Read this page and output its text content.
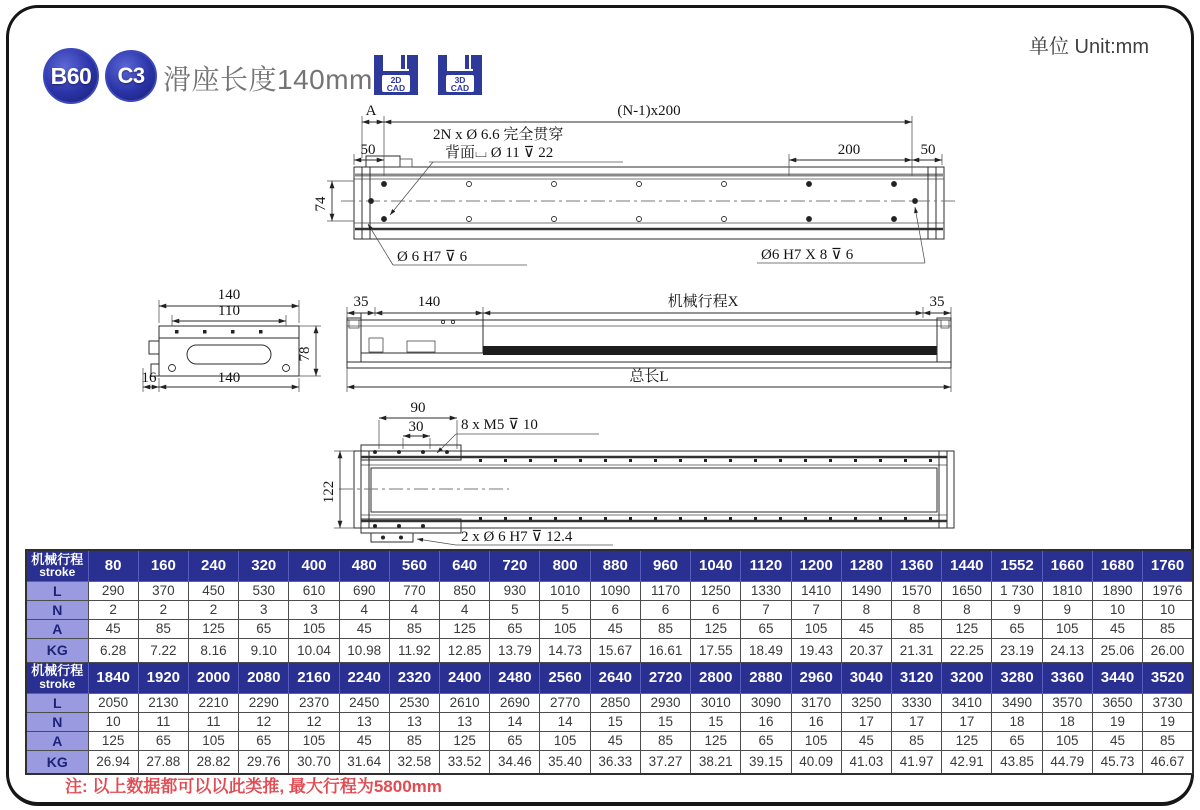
B60 C3 滑座长度140mm 2D
CAD
3D
CAD
单位 Unit:mm
A	(N-1)x200
50	200	50
74
2N x Ø 6.6 完全贯穿
背面⌴ Ø 11 ⊽ 22
Ø 6 H7 ⊽ 6	Ø6 H7 X 8 ⊽ 6
140
110
78
16	140
35	140	机械行程X	35
总长L
90
30	8 x M5 ⊽ 10
122
2 x Ø 6 H7 ⊽ 12.4
机械行程
stroke	80	160	240	320	400	480	560	640	720	800	880	960	1040	1120	1200	1280	1360	1440	1552	1660	1680	1760
L	290	370	450	530	610	690	770	850	930	1010	1090	1170	1250	1330	1410	1490	1570	1650	1 730	1810	1890	1976
N	2	2	2	3	3	4	4	4	5	5	6	6	6	7	7	8	8	8	9	9	10	10
A	45	85	125	65	105	45	85	125	65	105	45	85	125	65	105	45	85	125	65	105	45	85
KG	6.28	7.22	8.16	9.10	10.04	10.98	11.92	12.85	13.79	14.73	15.67	16.61	17.55	18.49	19.43	20.37	21.31	22.25	23.19	24.13	25.06	26.00

机械行程
stroke	1840	1920	2000	2080	2160	2240	2320	2400	2480	2560	2640	2720	2800	2880	2960	3040	3120	3200	3280	3360	3440	3520
L	2050	2130	2210	2290	2370	2450	2530	2610	2690	2770	2850	2930	3010	3090	3170	3250	3330	3410	3490	3570	3650	3730
N	10	11	11	12	12	13	13	13	14	14	15	15	15	16	16	17	17	17	18	18	19	19
A	125	65	105	65	105	45	85	125	65	105	45	85	125	65	105	45	85	125	65	105	45	85
KG	26.94	27.88	28.82	29.76	30.70	31.64	32.58	33.52	34.46	35.40	36.33	37.27	38.21	39.15	40.09	41.03	41.97	42.91	43.85	44.79	45.73	46.67
注: 以上数据都可以以此类推, 最大行程为5800mm
